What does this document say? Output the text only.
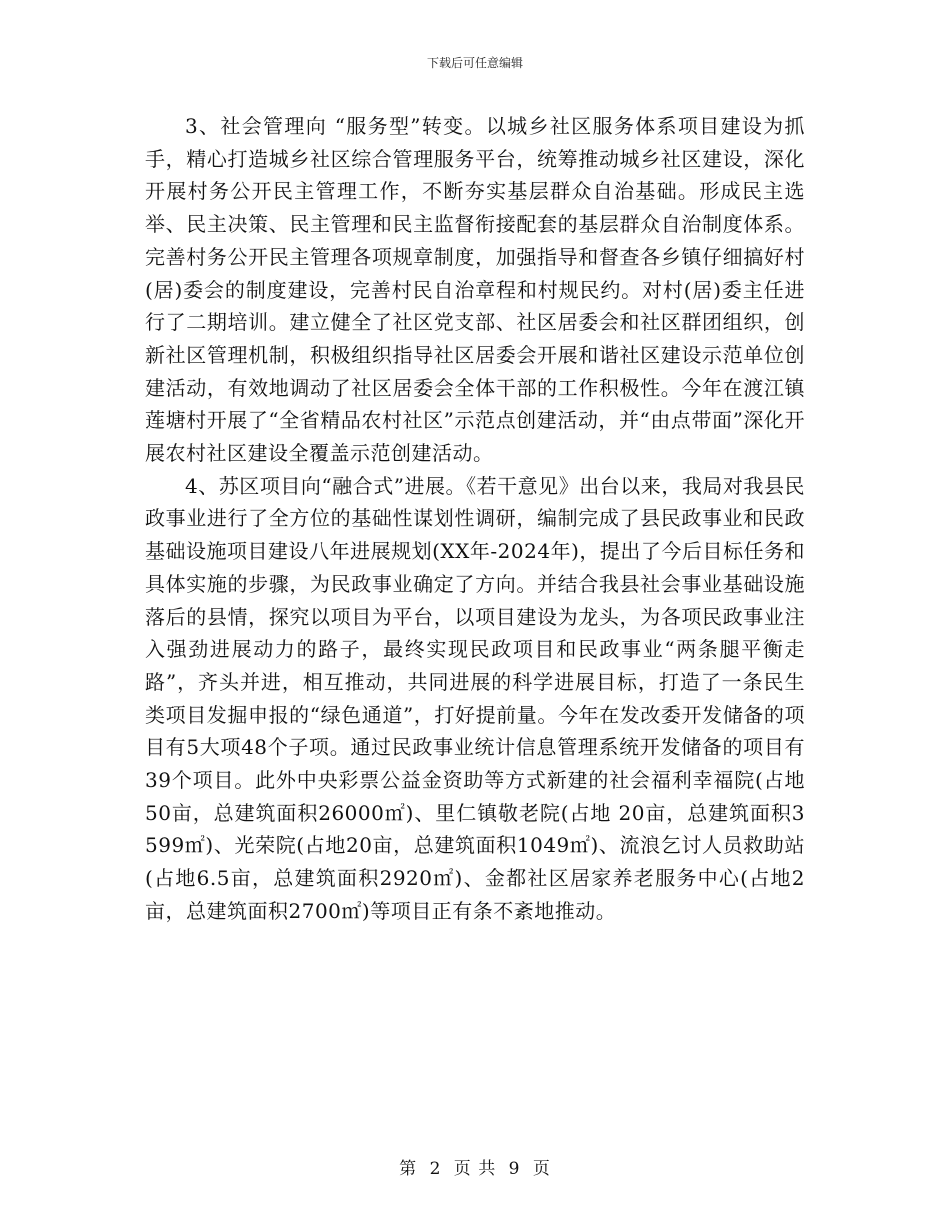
下载后可任意编辑

3、社会管理向 “服务型”转变。以城乡社区服务体系项目建设为抓手，精心打造城乡社区综合管理服务平台，统筹推动城乡社区建设，深化开展村务公开民主管理工作，不断夯实基层群众自治基础。形成民主选举、民主决策、民主管理和民主监督衔接配套的基层群众自治制度体系。完善村务公开民主管理各项规章制度，加强指导和督查各乡镇仔细搞好村(居)委会的制度建设，完善村民自治章程和村规民约。对村(居)委主任进行了二期培训。建立健全了社区党支部、社区居委会和社区群团组织，创新社区管理机制，积极组织指导社区居委会开展和谐社区建设示范单位创建活动，有效地调动了社区居委会全体干部的工作积极性。今年在渡江镇莲塘村开展了“全省精品农村社区”示范点创建活动，并“由点带面”深化开展农村社区建设全覆盖示范创建活动。

4、苏区项目向“融合式”进展。《若干意见》出台以来，我局对我县民政事业进行了全方位的基础性谋划性调研，编制完成了县民政事业和民政基础设施项目建设八年进展规划(XX年-2024年)，提出了今后目标任务和具体实施的步骤，为民政事业确定了方向。并结合我县社会事业基础设施落后的县情，探究以项目为平台，以项目建设为龙头，为各项民政事业注入强劲进展动力的路子，最终实现民政项目和民政事业“两条腿平衡走路”，齐头并进，相互推动，共同进展的科学进展目标，打造了一条民生类项目发掘申报的“绿色通道”，打好提前量。今年在发改委开发储备的项目有5大项48个子项。通过民政事业统计信息管理系统开发储备的项目有39个项目。此外中央彩票公益金资助等方式新建的社会福利幸福院(占地50亩，总建筑面积26000㎡)、里仁镇敬老院(占地 20亩，总建筑面积3599㎡)、光荣院(占地20亩，总建筑面积1049㎡)、流浪乞讨人员救助站(占地6.5亩，总建筑面积2920㎡)、金都社区居家养老服务中心(占地2亩，总建筑面积2700㎡)等项目正有条不紊地推动。

第 2 页 共 9 页
